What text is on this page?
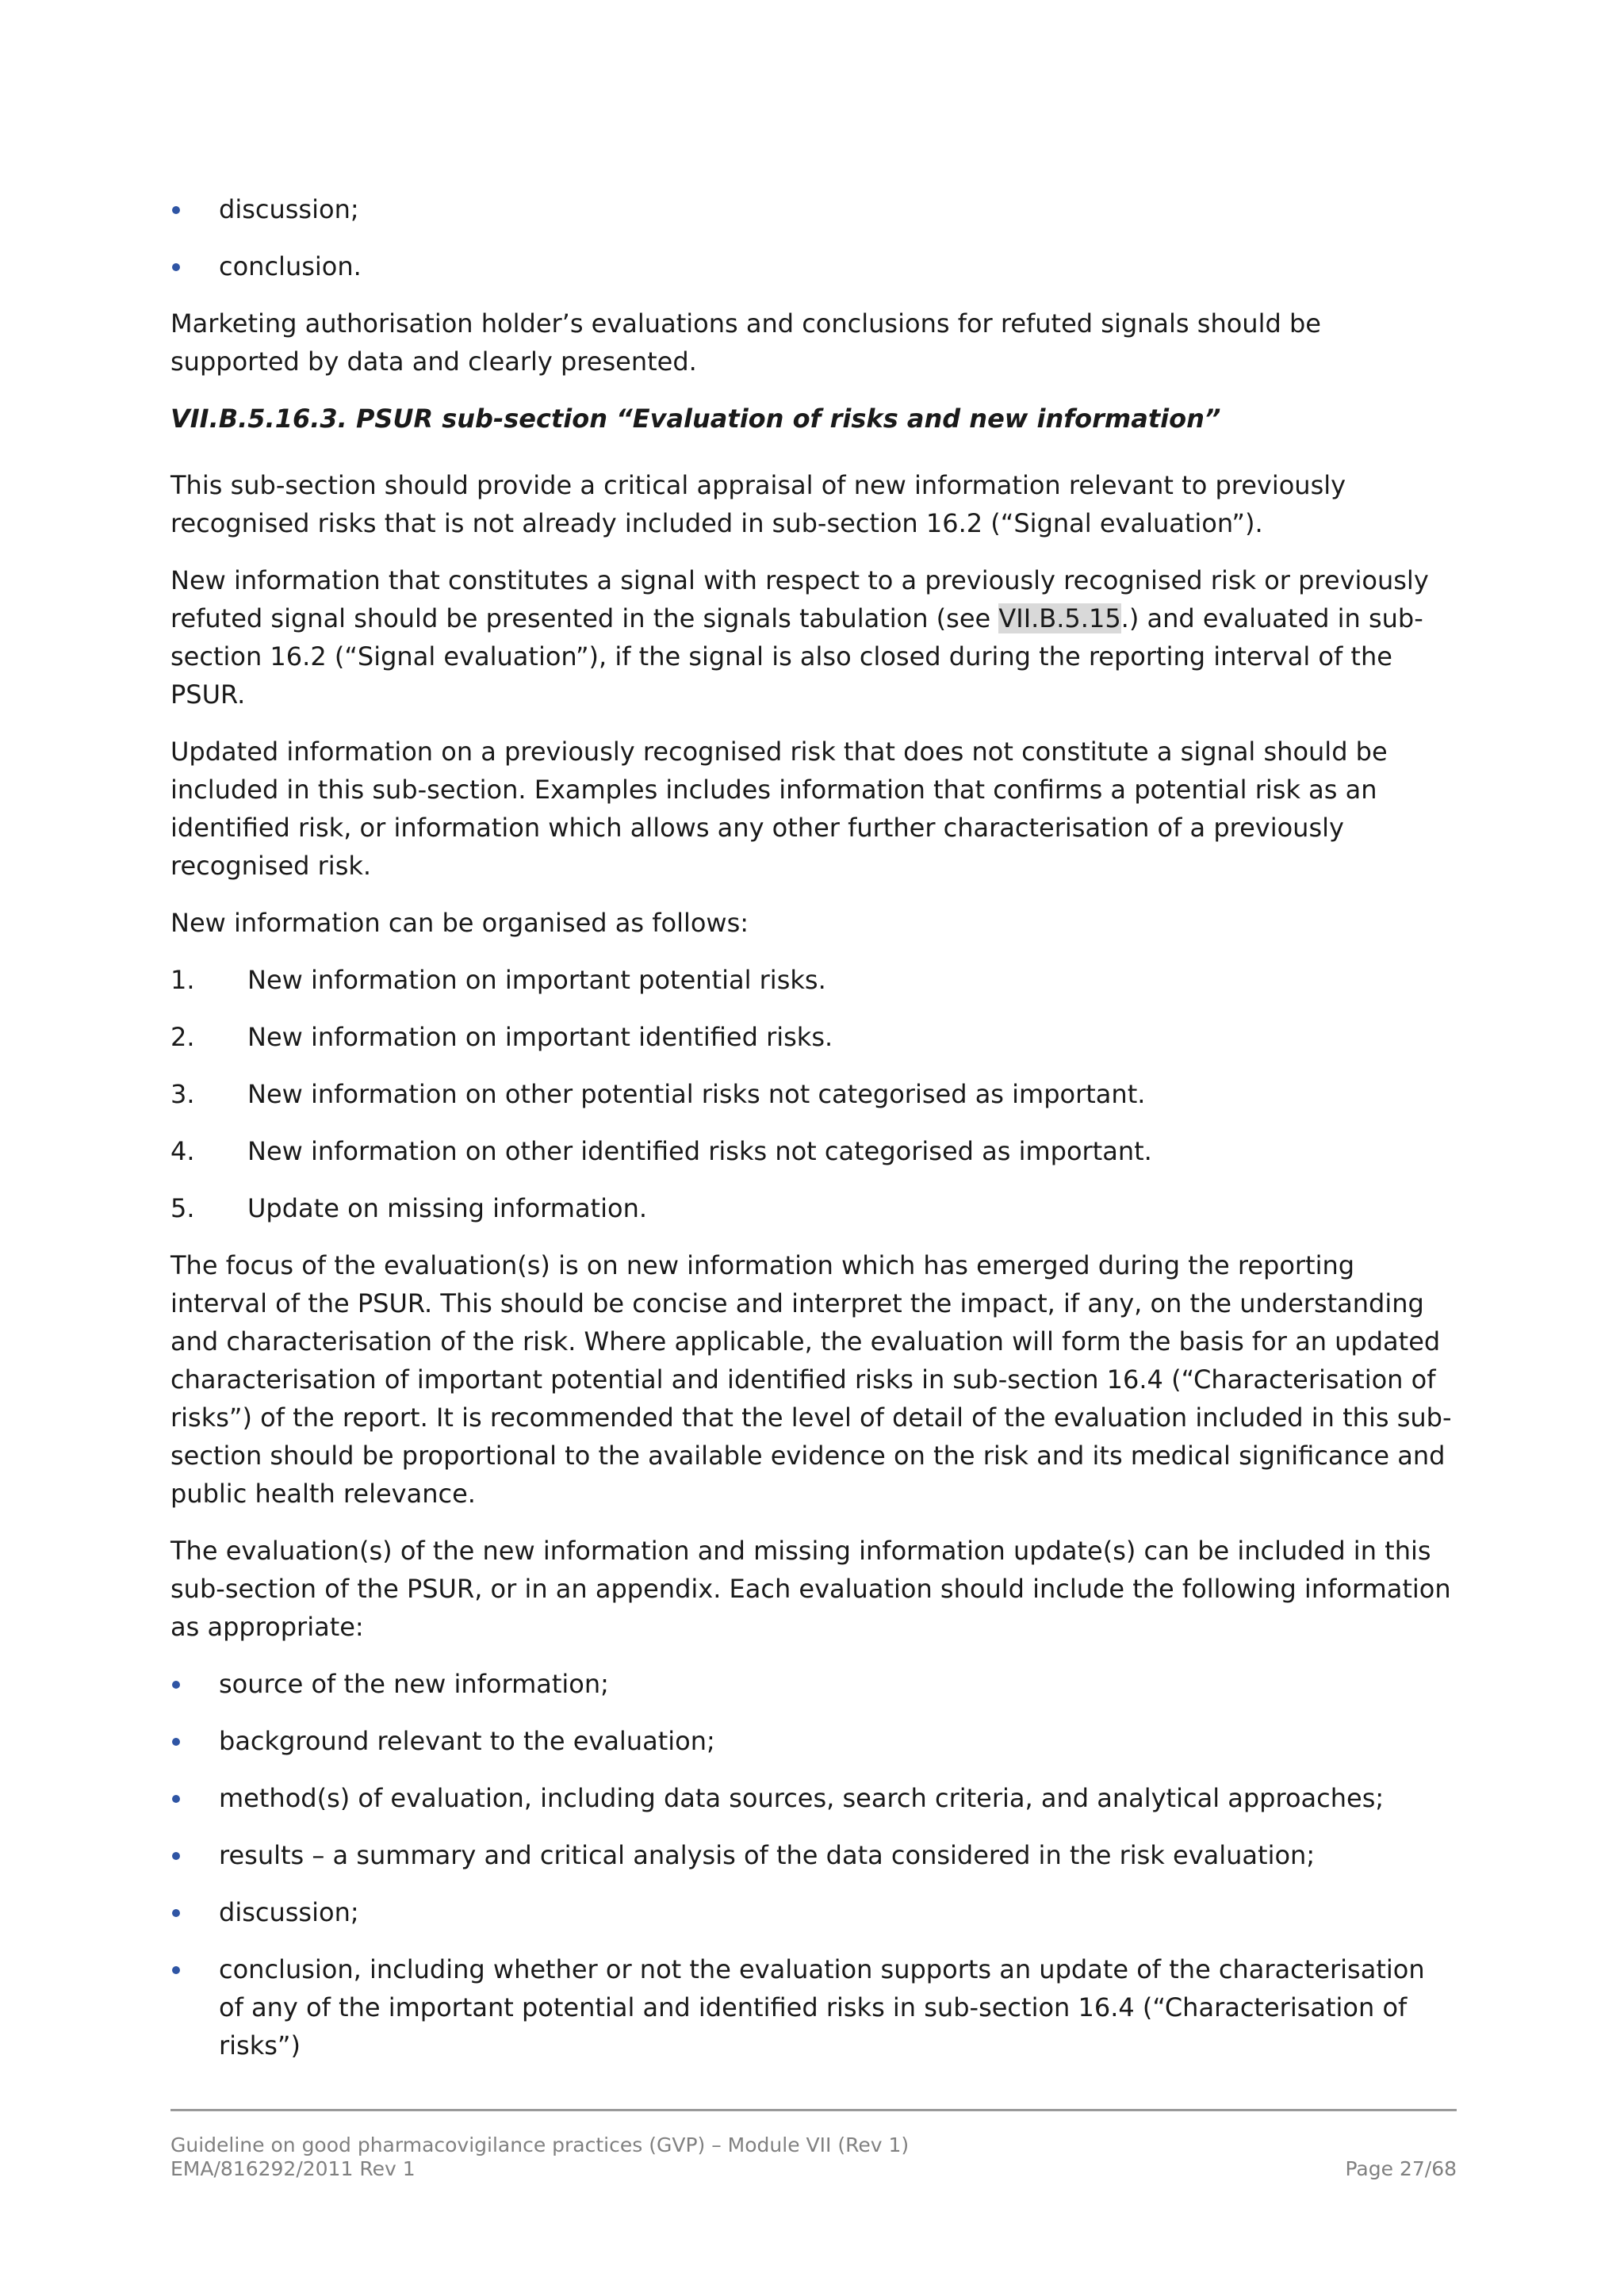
discussion;
conclusion.

Marketing authorisation holder’s evaluations and conclusions for refuted signals should be supported by data and clearly presented.

VII.B.5.16.3. PSUR sub-section “Evaluation of risks and new information”

This sub-section should provide a critical appraisal of new information relevant to previously recognised risks that is not already included in sub-section 16.2 (“Signal evaluation”).

New information that constitutes a signal with respect to a previously recognised risk or previously refuted signal should be presented in the signals tabulation (see VII.B.5.15.) and evaluated in sub-section 16.2 (“Signal evaluation”), if the signal is also closed during the reporting interval of the PSUR.

Updated information on a previously recognised risk that does not constitute a signal should be included in this sub-section. Examples includes information that confirms a potential risk as an identified risk, or information which allows any other further characterisation of a previously recognised risk.

New information can be organised as follows:

1.	New information on important potential risks.
2.	New information on important identified risks.
3.	New information on other potential risks not categorised as important.
4.	New information on other identified risks not categorised as important.
5.	Update on missing information.

The focus of the evaluation(s) is on new information which has emerged during the reporting interval of the PSUR. This should be concise and interpret the impact, if any, on the understanding and characterisation of the risk. Where applicable, the evaluation will form the basis for an updated characterisation of important potential and identified risks in sub-section 16.4 (“Characterisation of risks”) of the report. It is recommended that the level of detail of the evaluation included in this sub-section should be proportional to the available evidence on the risk and its medical significance and public health relevance.

The evaluation(s) of the new information and missing information update(s) can be included in this sub-section of the PSUR, or in an appendix. Each evaluation should include the following information as appropriate:

source of the new information;
background relevant to the evaluation;
method(s) of evaluation, including data sources, search criteria, and analytical approaches;
results – a summary and critical analysis of the data considered in the risk evaluation;
discussion;
conclusion, including whether or not the evaluation supports an update of the characterisation of any of the important potential and identified risks in sub-section 16.4 (“Characterisation of risks”)
Guideline on good pharmacovigilance practices (GVP) – Module VII (Rev 1)
EMA/816292/2011 Rev 1	Page 27/68
